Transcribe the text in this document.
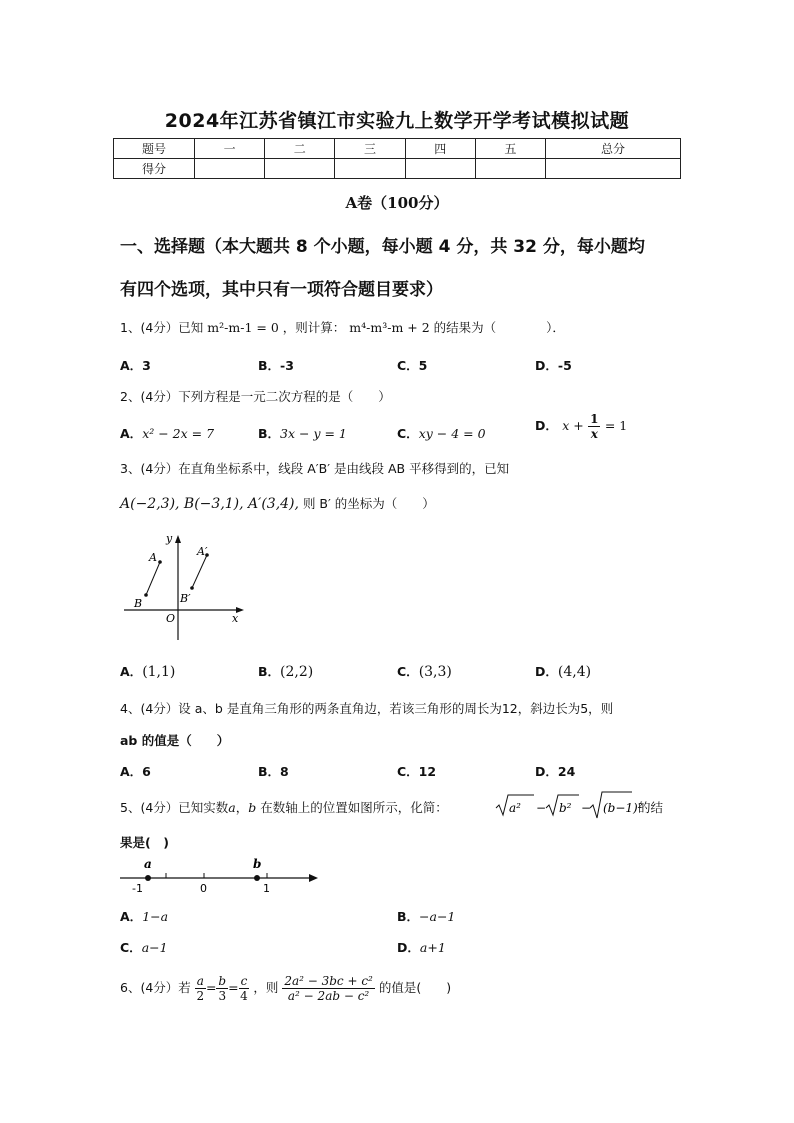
2024年江苏省镇江市实验九上数学开学考试模拟试题
题号	一	二	三	四	五	总分
得分						
A卷（100分）
一、选择题（本大题共 8 个小题，每小题 4 分，共 32 分，每小题均
有四个选项，其中只有一项符合题目要求）
1、(4分）已知 m²-m-1 = 0 ，则计算： m⁴-m³-m + 2 的结果为（　　　　）．
A．3	B．-3	C．5	D．-5
2、(4分）下列方程是一元二次方程的是（　　）
A．x² − 2x = 7	B．3x − y = 1	C．xy − 4 = 0
D． $x + \frac{1}{x} = 1$
3、(4分）在直角坐标系中，线段 A′B′ 是由线段 AB 平移得到的，已知
A(−2,3), B(−3,1), A′(3,4), 则 B′ 的坐标为（　　）
y
x
O
A
B
A′
B′
A．(1,1)	B．(2,2)	C．(3,3)	D．(4,4)
4、(4分）设 a、b 是直角三角形的两条直角边，若该三角形的周长为12，斜边长为5，则
ab 的值是（　　）
A．6	B．8	C．12	D．24
5、(4分）已知实数a，b 在数轴上的位置如图所示，化简：	a² − b² − (b−1)²
的结
果是(　)
a	b
-1	0	1
A．1−a	B．−a−1
C．a−1	D．a+1
6、(4分）若 $\frac{a}{2} = \frac{b}{3} = \frac{c}{4}$ ，则 $\frac{\text{2a² − 3bc + c²}}{\text{a² − 2ab − c²}}$ 的值是(　　)
